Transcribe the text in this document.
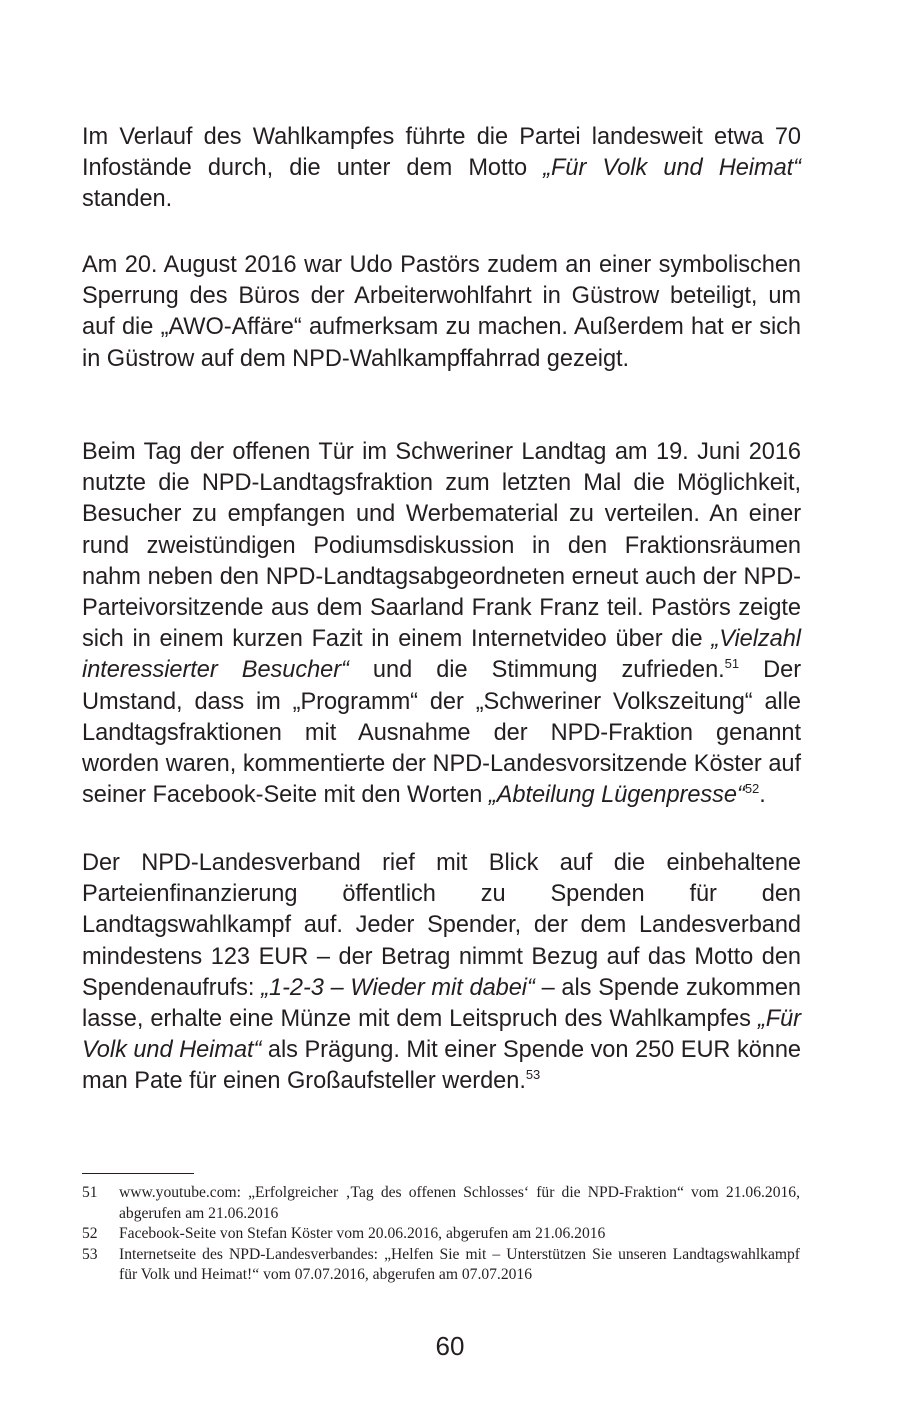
Im Verlauf des Wahlkampfes führte die Partei landesweit etwa 70 Infostände durch, die unter dem Motto „Für Volk und Heimat“ standen.

Am 20. August 2016 war Udo Pastörs zudem an einer symbolischen Sperrung des Büros der Arbeiterwohlfahrt in Güstrow beteiligt, um auf die „AWO-Affäre“ aufmerksam zu machen. Außerdem hat er sich in Güstrow auf dem NPD-Wahlkampffahrrad gezeigt.

Beim Tag der offenen Tür im Schweriner Landtag am 19. Juni 2016 nutzte die NPD-Landtagsfraktion zum letzten Mal die Möglichkeit, Besucher zu empfangen und Werbematerial zu verteilen. An einer rund zweistündigen Podiumsdiskussion in den Fraktionsräumen nahm neben den NPD-Landtagsabgeordneten erneut auch der NPD-Parteivorsitzende aus dem Saarland Frank Franz teil. Pastörs zeigte sich in einem kurzen Fazit in einem Internetvideo über die „Vielzahl interessierter Besucher“ und die Stimmung zufrieden.$^{51}$ Der Umstand, dass im „Programm“ der „Schweriner Volkszeitung“ alle Landtagsfraktionen mit Ausnahme der NPD-Fraktion genannt worden waren, kommentierte der NPD-Landesvorsitzende Köster auf seiner Facebook-Seite mit den Worten „Abteilung Lügenpresse“$^{52}$.

Der NPD-Landesverband rief mit Blick auf die einbehaltene Parteienfinanzierung öffentlich zu Spenden für den Landtagswahlkampf auf. Jeder Spender, der dem Landesverband mindestens 123 EUR – der Betrag nimmt Bezug auf das Motto den Spendenaufrufs: „1-2-3 – Wieder mit dabei“ – als Spende zukommen lasse, erhalte eine Münze mit dem Leitspruch des Wahlkampfes „Für Volk und Heimat“ als Prägung. Mit einer Spende von 250 EUR könne man Pate für einen Großaufsteller werden.$^{53}$

51	www.youtube.com: „Erfolgreicher ‚Tag des offenen Schlosses‘ für die NPD-Fraktion“ vom 21.06.2016, abgerufen am 21.06.2016
52	Facebook-Seite von Stefan Köster vom 20.06.2016, abgerufen am 21.06.2016
53	Internetseite des NPD-Landesverbandes: „Helfen Sie mit – Unterstützen Sie unseren Landtagswahlkampf für Volk und Heimat!“ vom 07.07.2016, abgerufen am 07.07.2016
60
